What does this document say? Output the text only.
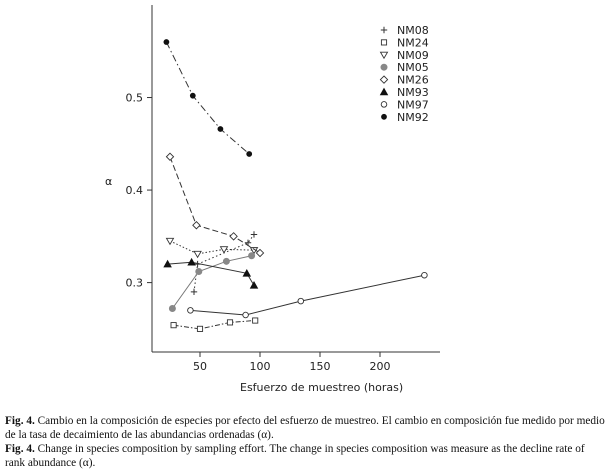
0.3
0.4
0.5
α
50	100	150	200
Esfuerzo de muestreo (horas)
NM08
NM24
NM09
NM05
NM26
NM93
NM97
NM92
Fig. 4. Cambio en la composición de especies por efecto del esfuerzo de muestreo. El cambio en composición fue medido por medio de la tasa de decaimiento de las abundancias ordenadas (α).
Fig. 4. Change in species composition by sampling effort. The change in species composition was measure as the decline rate of rank abundance (α).
